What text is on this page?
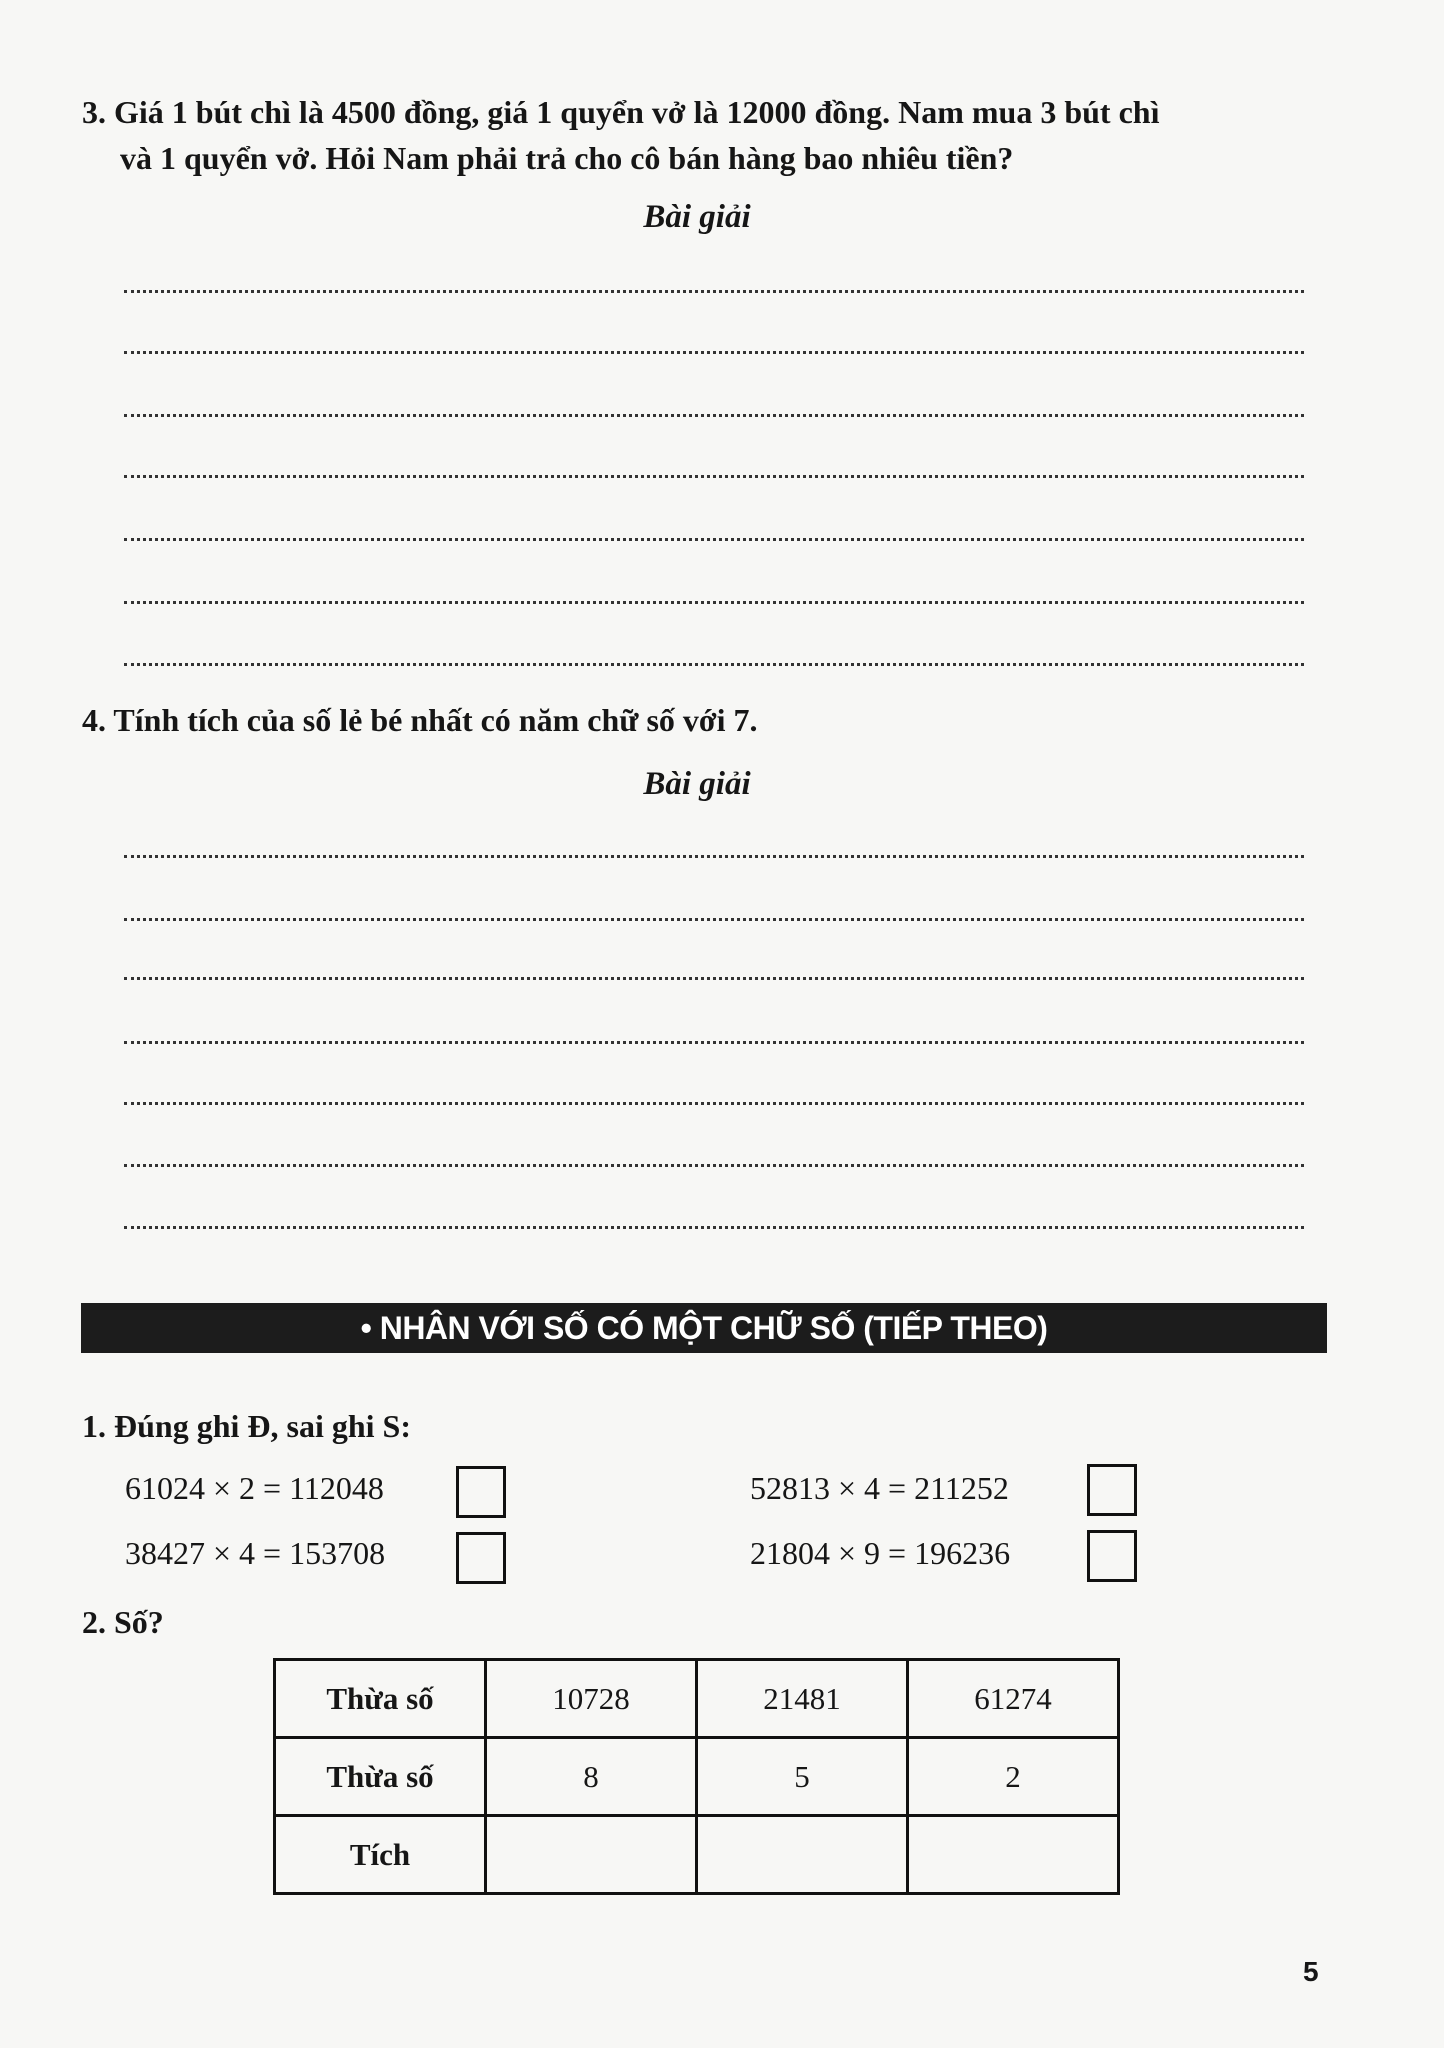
3. Giá 1 bút chì là 4500 đồng, giá 1 quyển vở là 12000 đồng. Nam mua 3 bút chì
và 1 quyển vở. Hỏi Nam phải trả cho cô bán hàng bao nhiêu tiền?
Bài giải
4. Tính tích của số lẻ bé nhất có năm chữ số với 7.
Bài giải
• NHÂN VỚI SỐ CÓ MỘT CHỮ SỐ (TIẾP THEO)
1. Đúng ghi Đ, sai ghi S:
61024 × 2 = 112048	52813 × 4 = 211252
38427 × 4 = 153708	21804 × 9 = 196236
2. Số?
Thừa số	10728	21481	61274
Thừa số	8	5	2
Tích			
5
